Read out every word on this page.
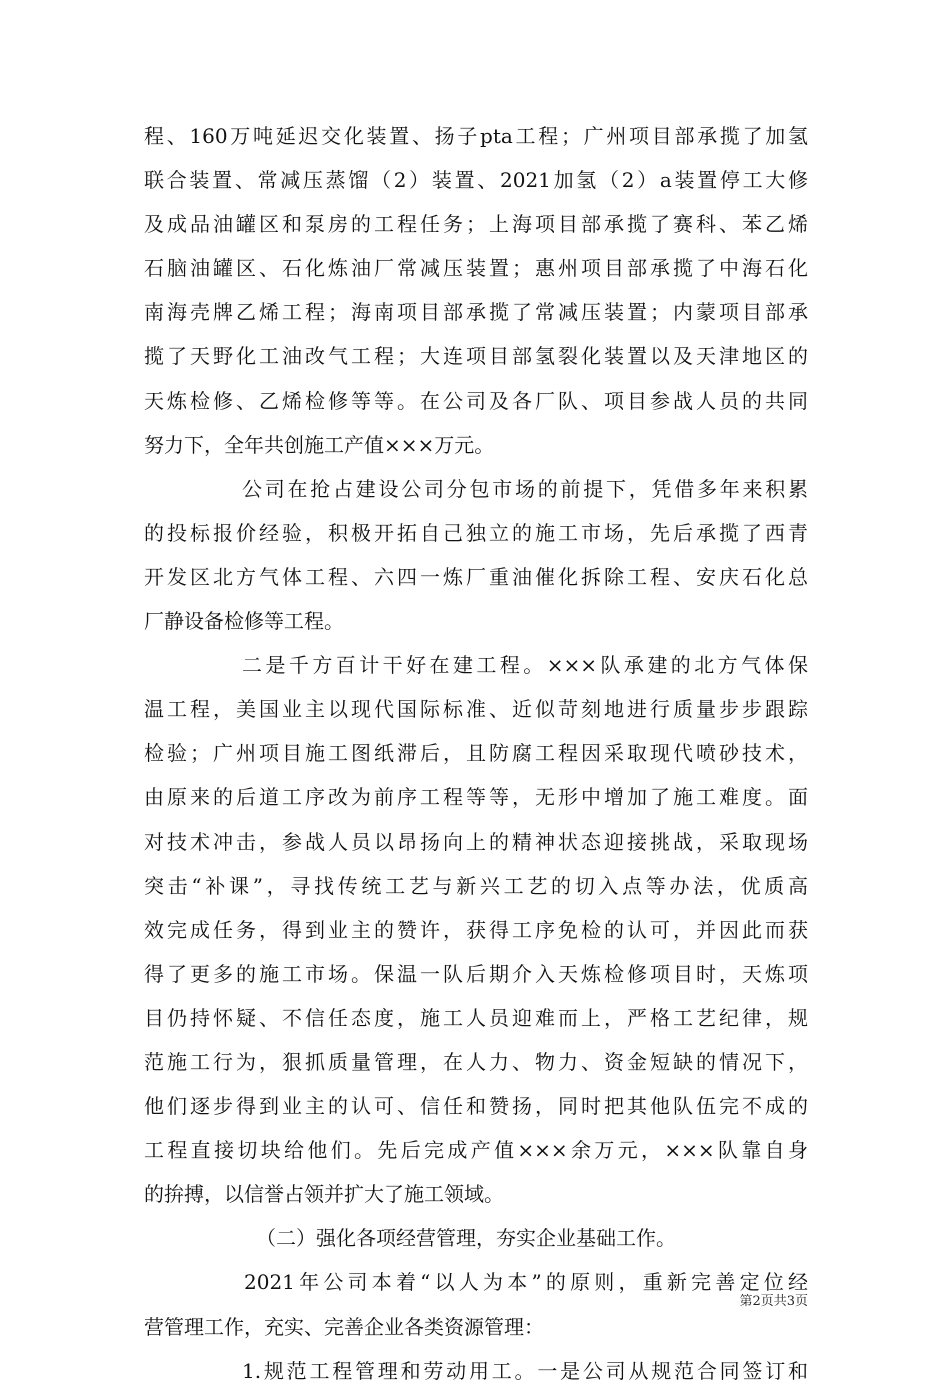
程、160万吨延迟交化装置、扬子pta工程；广州项目部承揽了加氢
联合装置、常减压蒸馏（2）装置、2021加氢（2）a装置停工大修
及成品油罐区和泵房的工程任务；上海项目部承揽了赛科、苯乙烯
石脑油罐区、石化炼油厂常减压装置；惠州项目部承揽了中海石化
南海壳牌乙烯工程；海南项目部承揽了常减压装置；内蒙项目部承
揽了天野化工油改气工程；大连项目部氢裂化装置以及天津地区的
天炼检修、乙烯检修等等。在公司及各厂队、项目参战人员的共同
努力下，全年共创施工产值×××万元。
公司在抢占建设公司分包市场的前提下，凭借多年来积累
的投标报价经验，积极开拓自己独立的施工市场，先后承揽了西青
开发区北方气体工程、六四一炼厂重油催化拆除工程、安庆石化总
厂静设备检修等工程。
二是千方百计干好在建工程。×××队承建的北方气体保
温工程，美国业主以现代国际标准、近似苛刻地进行质量步步跟踪
检验；广州项目施工图纸滞后，且防腐工程因采取现代喷砂技术，
由原来的后道工序改为前序工程等等，无形中增加了施工难度。面
对技术冲击，参战人员以昂扬向上的精神状态迎接挑战，采取现场
突击“补课”，寻找传统工艺与新兴工艺的切入点等办法，优质高
效完成任务，得到业主的赞许，获得工序免检的认可，并因此而获
得了更多的施工市场。保温一队后期介入天炼检修项目时，天炼项
目仍持怀疑、不信任态度，施工人员迎难而上，严格工艺纪律，规
范施工行为，狠抓质量管理，在人力、物力、资金短缺的情况下，
他们逐步得到业主的认可、信任和赞扬，同时把其他队伍完不成的
工程直接切块给他们。先后完成产值×××余万元，×××队靠自身
的拚搏，以信誉占领并扩大了施工领域。
（二）强化各项经营管理，夯实企业基础工作。
2021年公司本着“以人为本”的原则，重新完善定位经
营管理工作，充实、完善企业各类资源管理：
1.规范工程管理和劳动用工。一是公司从规范合同签订和
第2页共3页
